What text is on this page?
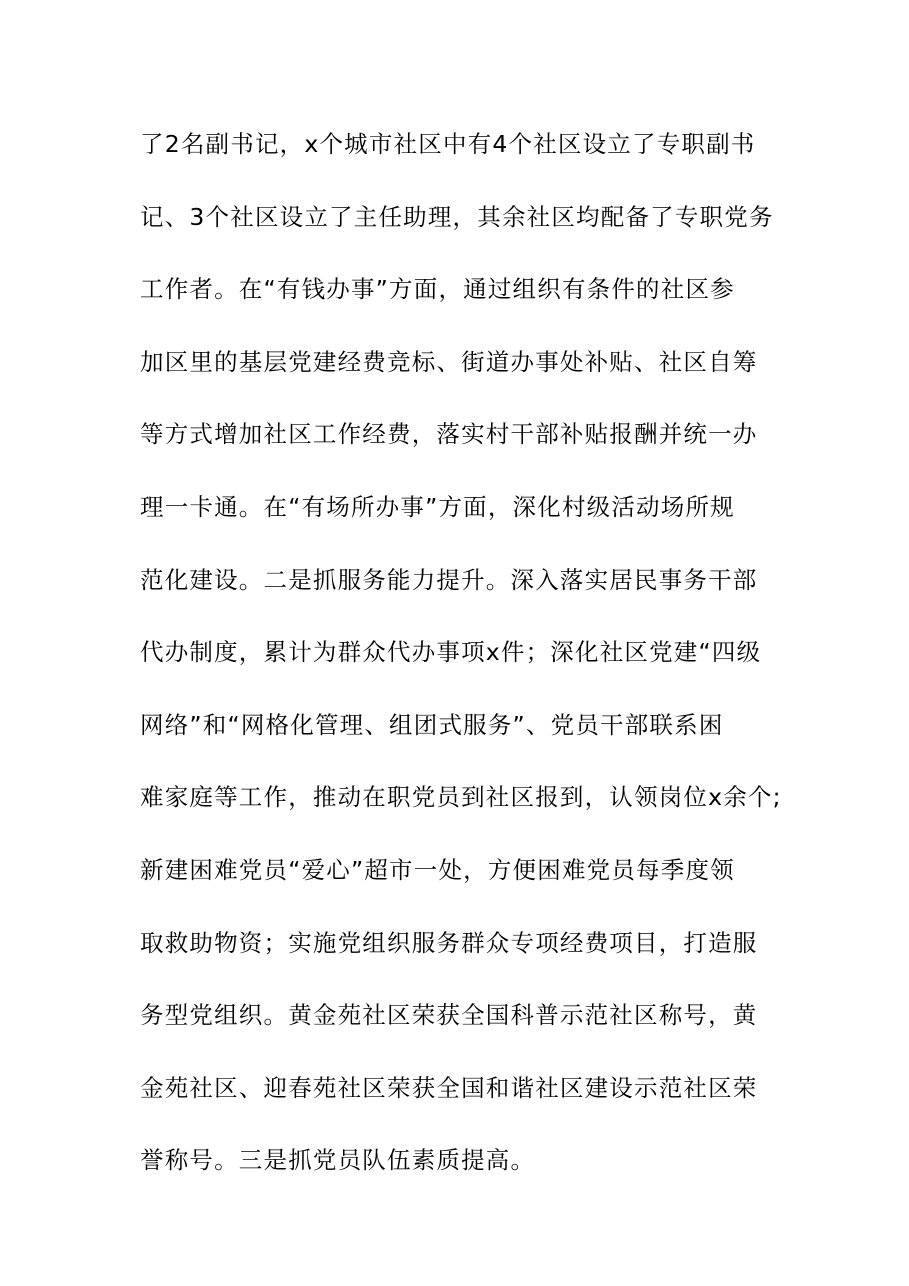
了2名副书记，x个城市社区中有4个社区设立了专职副书
记、3个社区设立了主任助理，其余社区均配备了专职党务
工作者。在“有钱办事”方面，通过组织有条件的社区参
加区里的基层党建经费竞标、街道办事处补贴、社区自筹
等方式增加社区工作经费，落实村干部补贴报酬并统一办
理一卡通。在“有场所办事”方面，深化村级活动场所规
范化建设。二是抓服务能力提升。深入落实居民事务干部
代办制度，累计为群众代办事项x件；深化社区党建“四级
网络”和“网格化管理、组团式服务”、党员干部联系困
难家庭等工作，推动在职党员到社区报到，认领岗位x余个;
新建困难党员“爱心”超市一处，方便困难党员每季度领
取救助物资；实施党组织服务群众专项经费项目，打造服
务型党组织。黄金苑社区荣获全国科普示范社区称号，黄
金苑社区、迎春苑社区荣获全国和谐社区建设示范社区荣
誉称号。三是抓党员队伍素质提高。
